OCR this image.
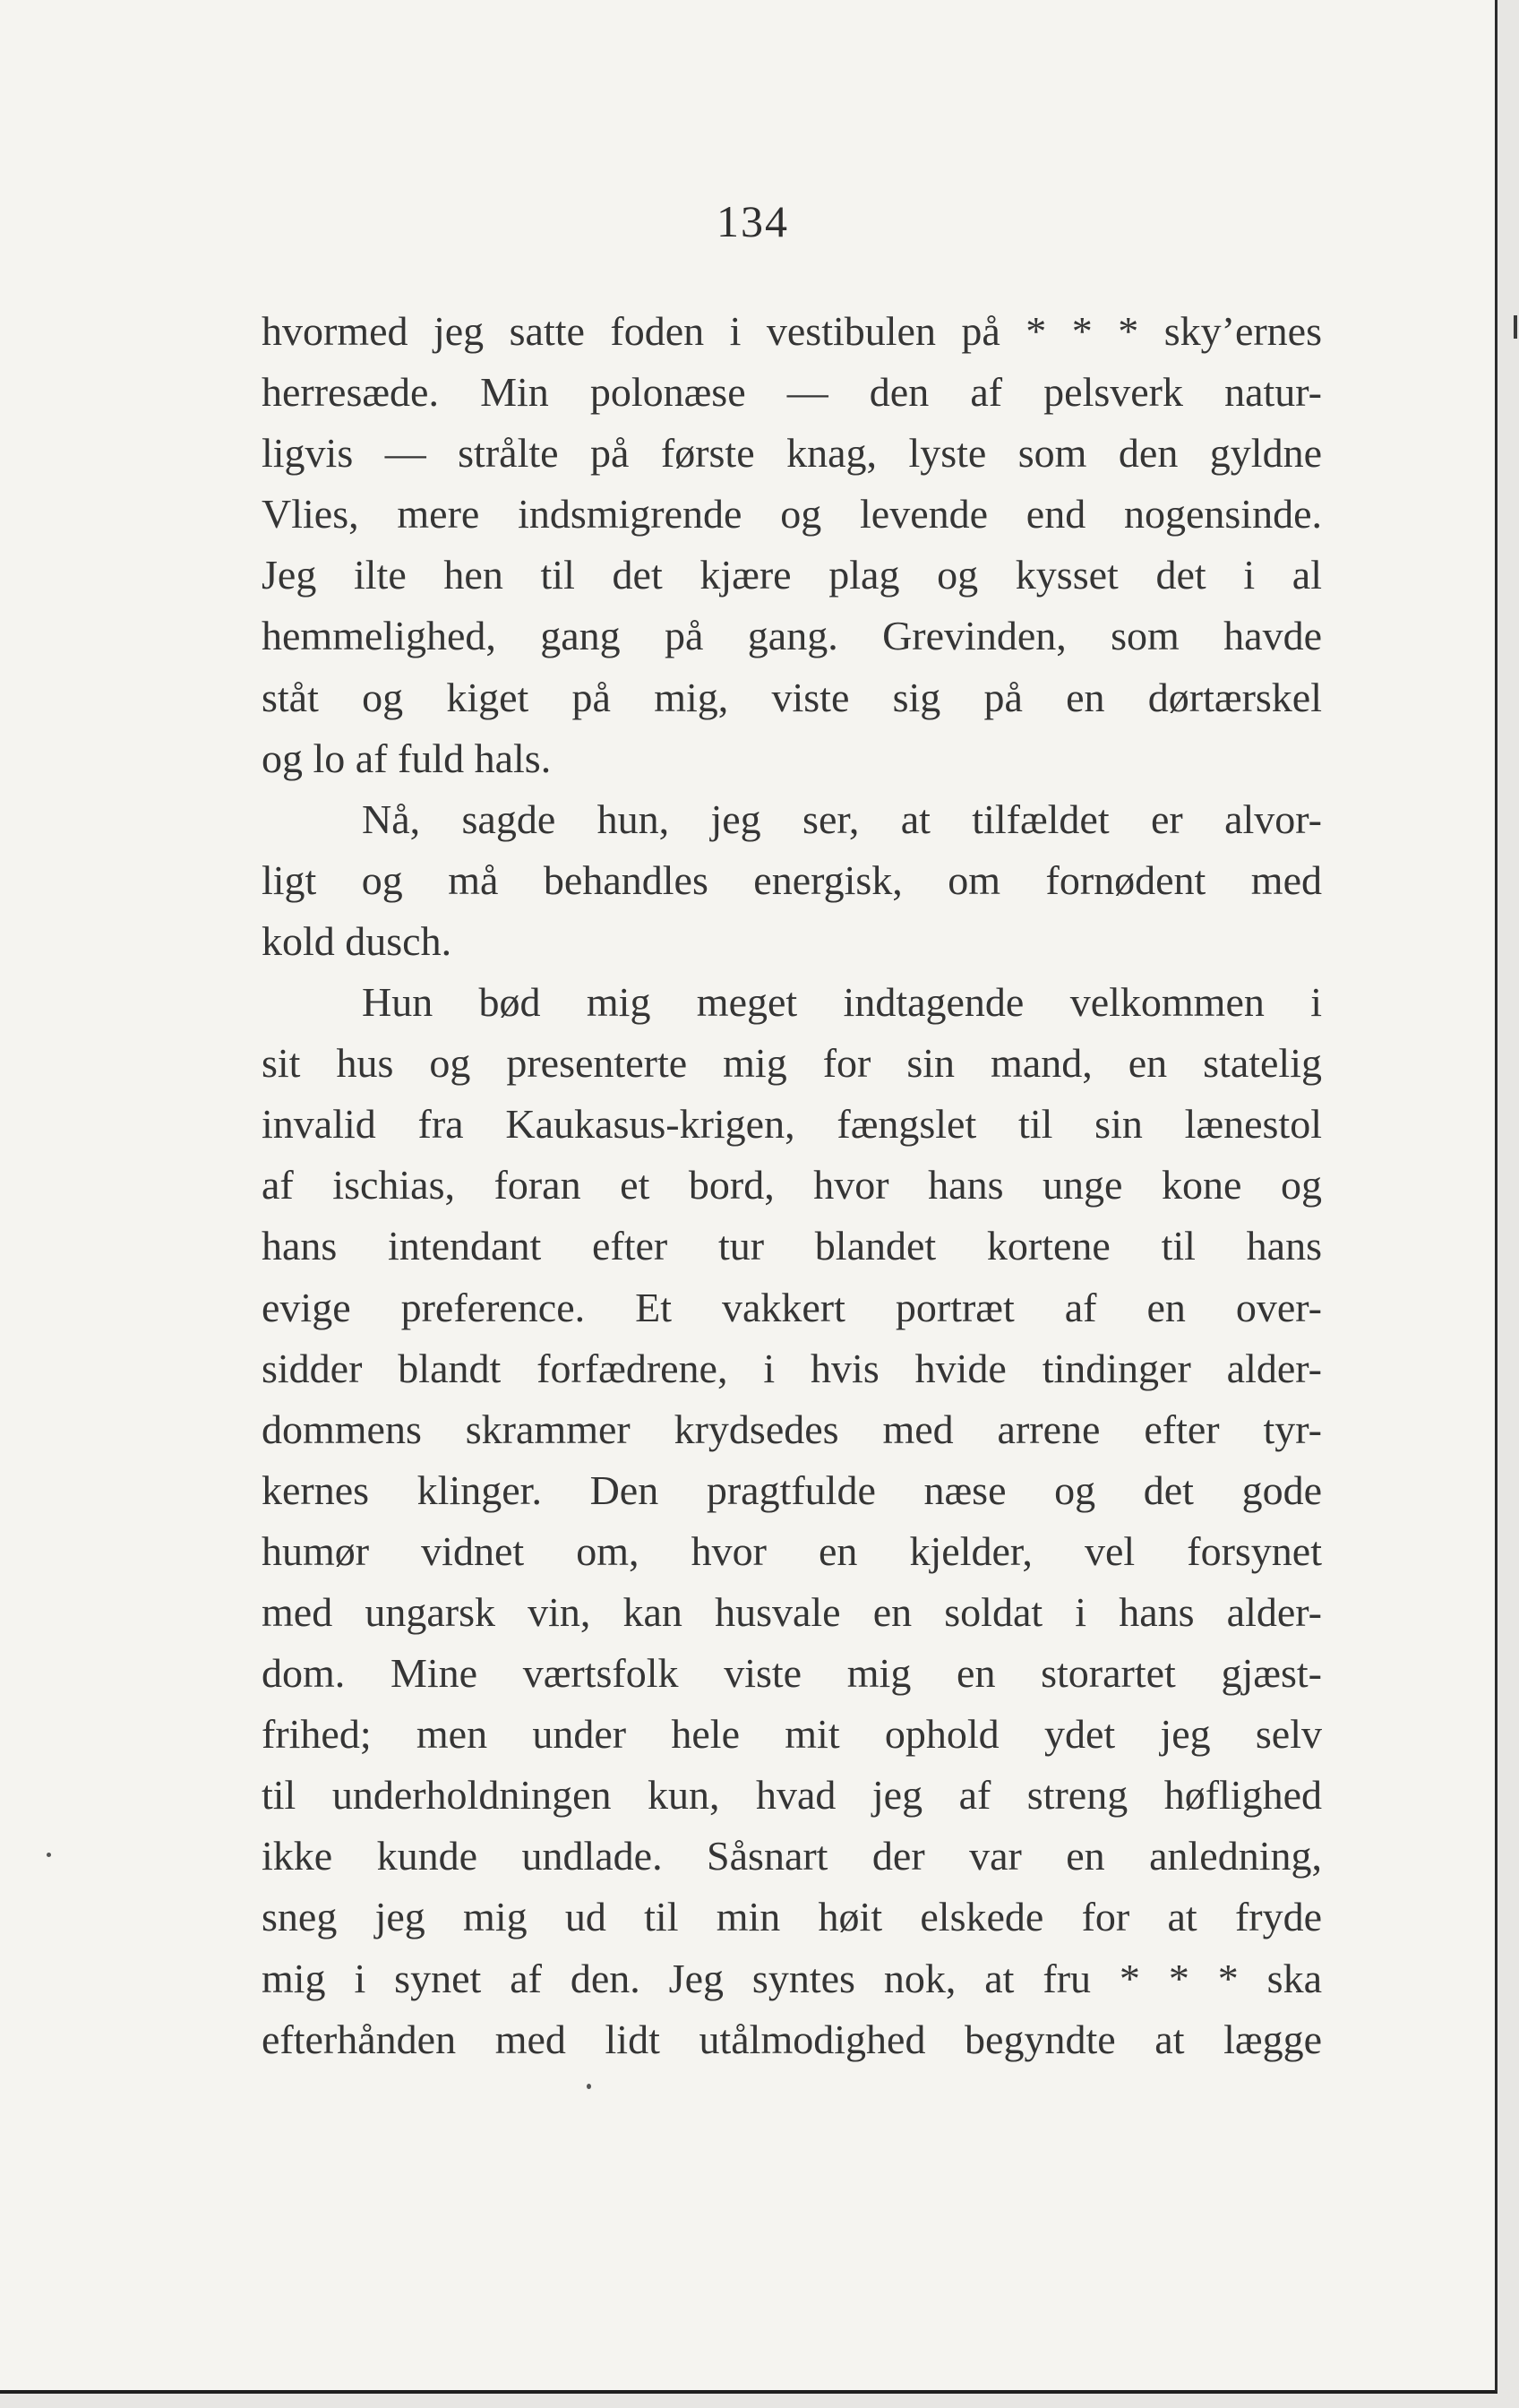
134
hvormed jeg satte foden i vestibulen på * * * sky’ernes
herresæde. Min polonæse — den af pelsverk natur-
ligvis — strålte på første knag, lyste som den gyldne
Vlies, mere indsmigrende og levende end nogensinde.
Jeg ilte hen til det kjære plag og kysset det i al
hemmelighed, gang på gang. Grevinden, som havde
ståt og kiget på mig, viste sig på en dørtærskel
og lo af fuld hals.
Nå, sagde hun, jeg ser, at tilfældet er alvor-
ligt og må behandles energisk, om fornødent med
kold dusch.
Hun bød mig meget indtagende velkommen i
sit hus og presenterte mig for sin mand, en statelig
invalid fra Kaukasus-krigen, fængslet til sin lænestol
af ischias, foran et bord, hvor hans unge kone og
hans intendant efter tur blandet kortene til hans
evige preference. Et vakkert portræt af en over-
sidder blandt forfædrene, i hvis hvide tindinger alder-
dommens skrammer krydsedes med arrene efter tyr-
kernes klinger. Den pragtfulde næse og det gode
humør vidnet om, hvor en kjelder, vel forsynet
med ungarsk vin, kan husvale en soldat i hans alder-
dom. Mine værtsfolk viste mig en storartet gjæst-
frihed; men under hele mit ophold ydet jeg selv
til underholdningen kun, hvad jeg af streng høflighed
ikke kunde undlade. Såsnart der var en anledning,
sneg jeg mig ud til min høit elskede for at fryde
mig i synet af den. Jeg syntes nok, at fru * * * ska
efterhånden med lidt utålmodighed begyndte at lægge
